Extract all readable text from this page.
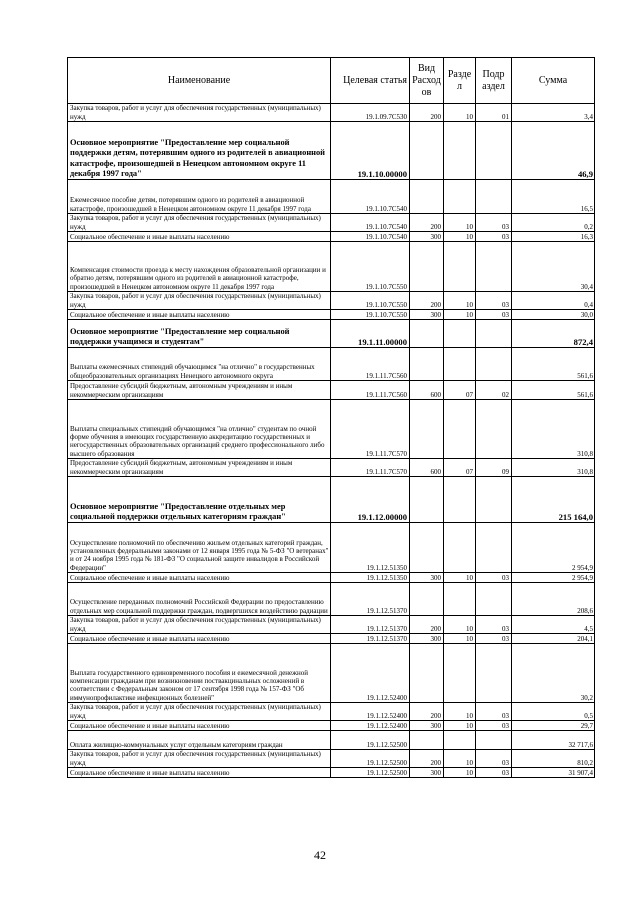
Наименование	Целевая статья	Вид Расход ов	Разде л	Подр аздел	Сумма
Закупка товаров, работ и услуг для обеспечения государственных (муниципальных) нужд	19.1.09.7С530	200	10	01	3,4
Основное мероприятие "Предоставление мер социальной поддержки детям, потерявшим одного из родителей в авиационной катастрофе, произошедшей в Ненецком автономном округе 11 декабря 1997 года"	19.1.10.00000				46,9
Ежемесячное пособие детям, потерявшим одного из родителей в авиационной катастрофе, произошедшей в Ненецком автономном округе 11 декабря 1997 года	19.1.10.7С540				16,5
Закупка товаров, работ и услуг для обеспечения государственных (муниципальных) нужд	19.1.10.7С540	200	10	03	0,2
Социальное обеспечение и иные выплаты населению	19.1.10.7С540	300	10	03	16,3
Компенсация стоимости проезда к месту нахождения образовательной организации и обратно детям, потерявшим одного из родителей в авиационной катастрофе, произошедшей в Ненецком автономном округе 11 декабря 1997 года	19.1.10.7С550				30,4
Закупка товаров, работ и услуг для обеспечения государственных (муниципальных) нужд	19.1.10.7С550	200	10	03	0,4
Социальное обеспечение и иные выплаты населению	19.1.10.7С550	300	10	03	30,0
Основное мероприятие "Предоставление мер социальной поддержки учащимся и студентам"	19.1.11.00000				872,4
Выплаты ежемесячных стипендий обучающимся "на отлично" в государственных общеобразовательных организациях Ненецкого автономного округа	19.1.11.7С560				561,6
Предоставление субсидий бюджетным, автономным учреждениям и иным некоммерческим организациям	19.1.11.7С560	600	07	02	561,6
Выплаты специальных стипендий обучающимся "на отлично" студентам по очной форме обучения в имеющих государственную аккредитацию государственных и негосударственных образовательных организаций среднего профессионального либо высшего образования	19.1.11.7С570				310,8
Предоставление субсидий бюджетным, автономным учреждениям и иным некоммерческим организациям	19.1.11.7С570	600	07	09	310,8
Основное мероприятие "Предоставление отдельных мер социальной поддержки отдельных категориям граждан"	19.1.12.00000				215 164,0
Осуществление полномочий по обеспечению жильем отдельных категорий граждан, установленных федеральными законами от 12 января 1995 года № 5-ФЗ "О ветеранах" и от 24 ноября 1995 года № 181-ФЗ "О социальной защите инвалидов в Российской Федерации"	19.1.12.51350				2 954,9
Социальное обеспечение и иные выплаты населению	19.1.12.51350	300	10	03	2 954,9
Осуществление переданных полномочий Российской Федерации по предоставлению отдельных мер социальной поддержки граждан, подвергшихся воздействию радиации	19.1.12.51370				208,6
Закупка товаров, работ и услуг для обеспечения государственных (муниципальных) нужд	19.1.12.51370	200	10	03	4,5
Социальное обеспечение и иные выплаты населению	19.1.12.51370	300	10	03	204,1
Выплата государственного единовременного пособия и ежемесячной денежной компенсации гражданам при возникновении поствакцинальных осложнений в соответствии с Федеральным законом от 17 сентября 1998 года № 157-ФЗ "Об иммунопрофилактике инфекционных болезней"	19.1.12.52400				30,2
Закупка товаров, работ и услуг для обеспечения государственных (муниципальных) нужд	19.1.12.52400	200	10	03	0,5
Социальное обеспечение и иные выплаты населению	19.1.12.52400	300	10	03	29,7
Оплата жилищно-коммунальных услуг отдельным категориям граждан	19.1.12.52500				32 717,6
Закупка товаров, работ и услуг для обеспечения государственных (муниципальных) нужд	19.1.12.52500	200	10	03	810,2
Социальное обеспечение и иные выплаты населению	19.1.12.52500	300	10	03	31 907,4
42
